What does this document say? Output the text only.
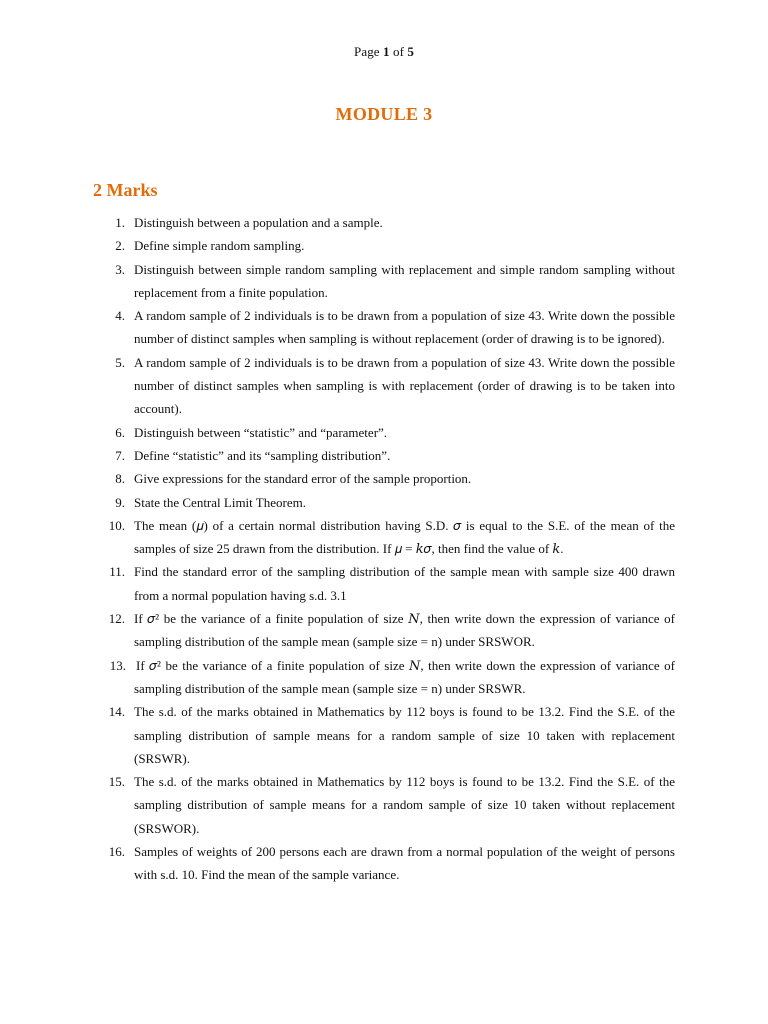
Page 1 of 5
MODULE 3
2 Marks
1. Distinguish between a population and a sample.
2. Define simple random sampling.
3. Distinguish between simple random sampling with replacement and simple random sampling without replacement from a finite population.
4. A random sample of 2 individuals is to be drawn from a population of size 43. Write down the possible number of distinct samples when sampling is without replacement (order of drawing is to be ignored).
5. A random sample of 2 individuals is to be drawn from a population of size 43. Write down the possible number of distinct samples when sampling is with replacement (order of drawing is to be taken into account).
6. Distinguish between “statistic” and “parameter”.
7. Define “statistic” and its “sampling distribution”.
8. Give expressions for the standard error of the sample proportion.
9. State the Central Limit Theorem.
10. The mean (𝜇) of a certain normal distribution having S.D. 𝜎 is equal to the S.E. of the mean of the samples of size 25 drawn from the distribution. If 𝜇 = 𝑘𝜎, then find the value of 𝑘.
11. Find the standard error of the sampling distribution of the sample mean with sample size 400 drawn from a normal population having s.d. 3.1
12. If 𝜎² be the variance of a finite population of size 𝑁, then write down the expression of variance of sampling distribution of the sample mean (sample size = n) under SRSWOR.
13. If 𝜎² be the variance of a finite population of size 𝑁, then write down the expression of variance of sampling distribution of the sample mean (sample size = n) under SRSWR.
14. The s.d. of the marks obtained in Mathematics by 112 boys is found to be 13.2. Find the S.E. of the sampling distribution of sample means for a random sample of size 10 taken with replacement (SRSWR).
15. The s.d. of the marks obtained in Mathematics by 112 boys is found to be 13.2. Find the S.E. of the sampling distribution of sample means for a random sample of size 10 taken without replacement (SRSWOR).
16. Samples of weights of 200 persons each are drawn from a normal population of the weight of persons with s.d. 10. Find the mean of the sample variance.
